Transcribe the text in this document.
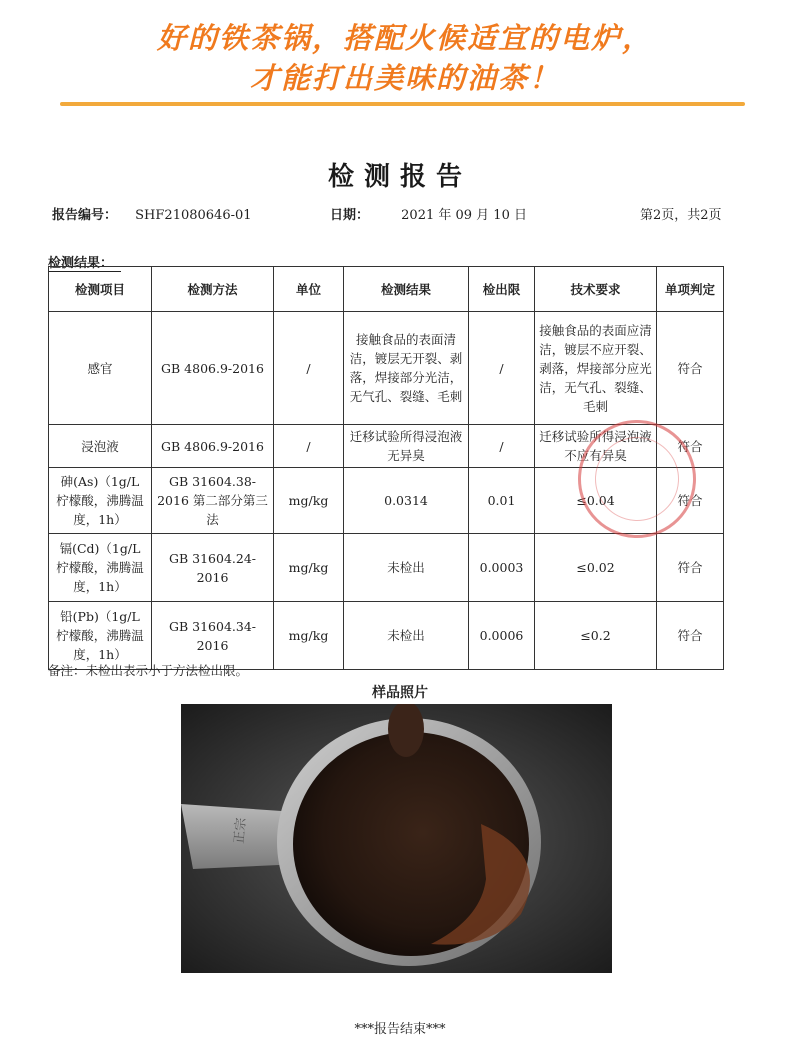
好的铁茶锅，搭配火候适宜的电炉，
才能打出美味的油茶！
检测报告
报告编号： SHF21080646-01	日期： 2021 年 09 月 10 日	第2页，共2页
检测结果：
检测项目	检测方法	单位	检测结果	检出限	技术要求	单项判定
感官	GB 4806.9-2016	/	接触食品的表面清洁，镀层无开裂、剥落，焊接部分光洁，无气孔、裂缝、毛刺	/	接触食品的表面应清洁，镀层不应开裂、剥落，焊接部分应光洁，无气孔、裂缝、毛刺	符合
浸泡液	GB 4806.9-2016	/	迁移试验所得浸泡液无异臭	/	迁移试验所得浸泡液不应有异臭	符合
砷(As)（1g/L 柠檬酸，沸腾温度，1h）	GB 31604.38-2016 第二部分第三法	mg/kg	0.0314	0.01	≤0.04	符合
镉(Cd)（1g/L 柠檬酸，沸腾温度，1h）	GB 31604.24-2016	mg/kg	未检出	0.0003	≤0.02	符合
铅(Pb)（1g/L 柠檬酸，沸腾温度，1h）	GB 31604.34-2016	mg/kg	未检出	0.0006	≤0.2	符合
备注：未检出表示小于方法检出限。
样品照片
正宗
***报告结束***
